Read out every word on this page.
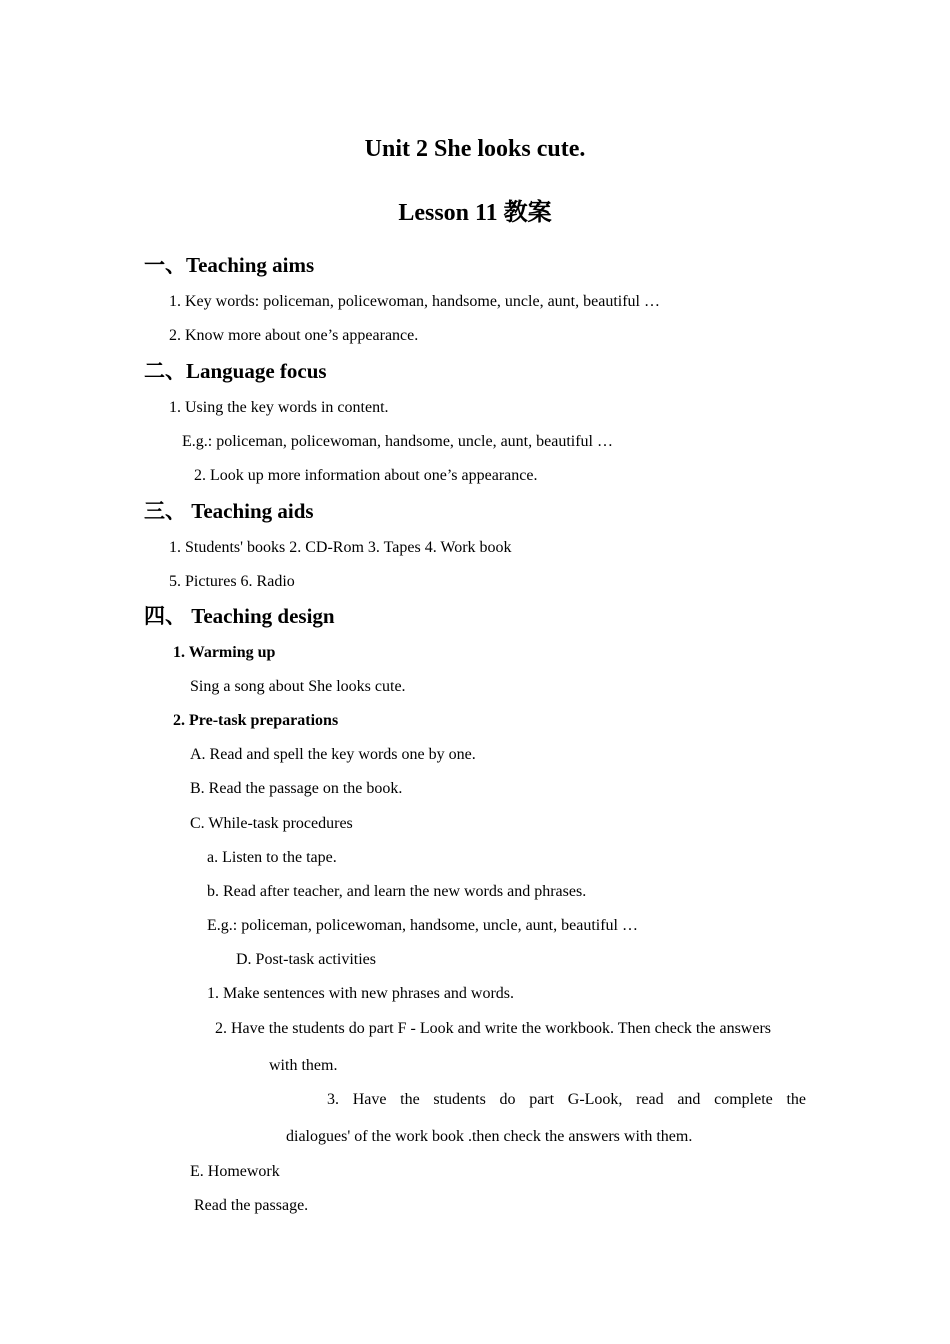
Unit 2 She looks cute.
Lesson 11 教案
一、Teaching aims
1. Key words: policeman, policewoman, handsome, uncle, aunt, beautiful …
2. Know more about one’s appearance.
二、Language focus
1. Using the key words in content.
E.g.: policeman, policewoman, handsome, uncle, aunt, beautiful …
2. Look up more information about one’s appearance.
三、 Teaching aids
1. Students' books 2. CD-Rom 3. Tapes 4. Work book
5. Pictures 6. Radio
四、 Teaching design
1. Warming up
Sing a song about She looks cute.
2. Pre-task preparations
A. Read and spell the key words one by one.
B. Read the passage on the book.
C. While-task procedures
a. Listen to the tape.
b. Read after teacher, and learn the new words and phrases.
E.g.: policeman, policewoman, handsome, uncle, aunt, beautiful …
D. Post-task activities
1. Make sentences with new phrases and words.
2. Have the students do part F - Look and write the workbook. Then check the answers
with them.
3. Have the students do part G-Look, read and complete the
dialogues' of the work book .then check the answers with them.
E. Homework
Read the passage.
